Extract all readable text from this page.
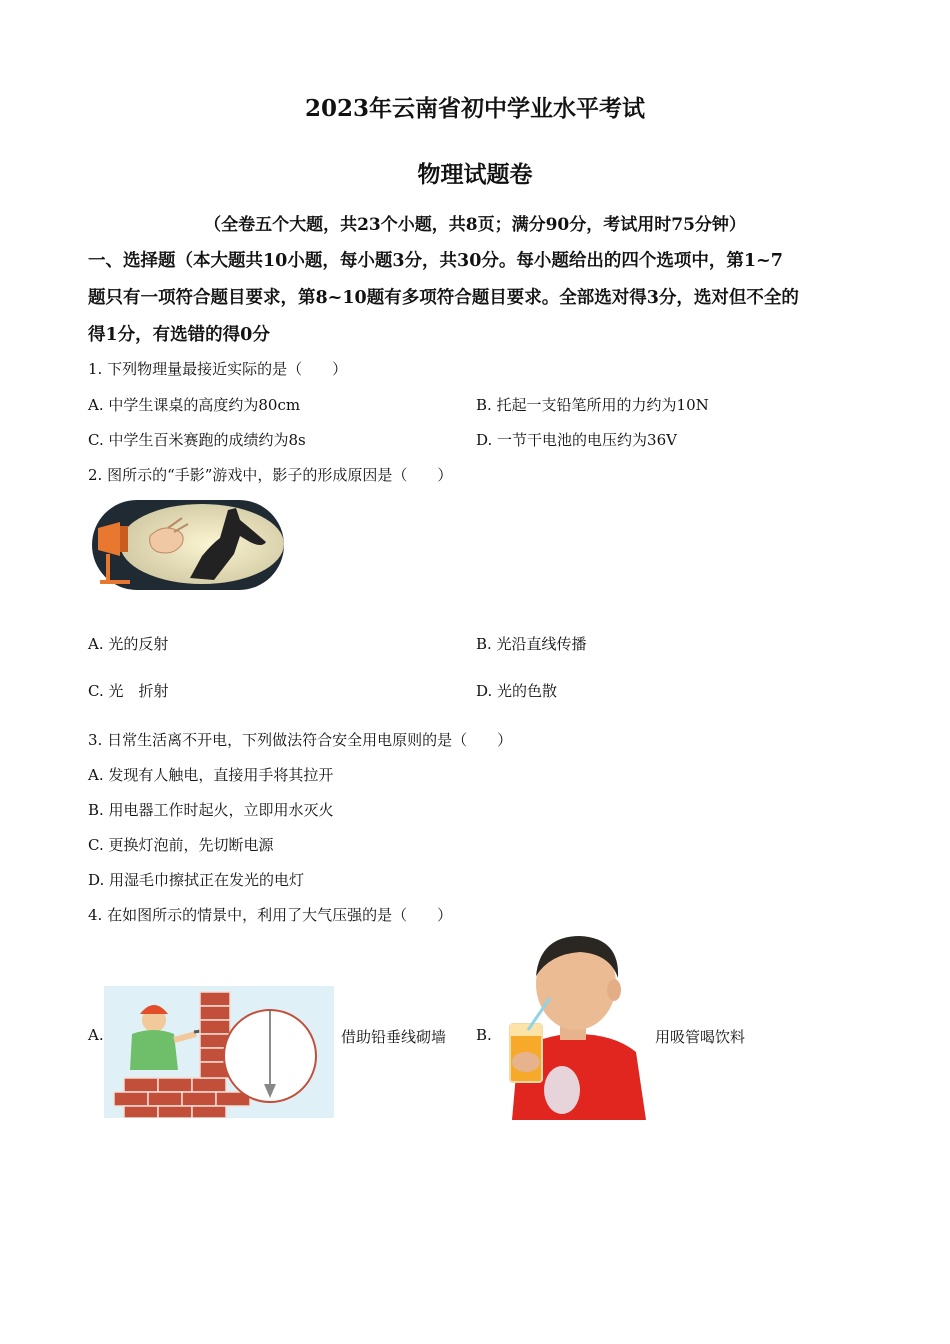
2023年云南省初中学业水平考试
物理试题卷
（全卷五个大题，共23个小题，共8页；满分90分，考试用时75分钟）
一、选择题（本大题共10小题，每小题3分，共30分。每小题给出的四个选项中，第1~7
题只有一项符合题目要求，第8~10题有多项符合题目要求。全部选对得3分，选对但不全的
得1分，有选错的得0分
1. 下列物理量最接近实际的是（　　）
A. 中学生课桌的高度约为80cm	B. 托起一支铅笔所用的力约为10N
C. 中学生百米赛跑的成绩约为8s	D. 一节干电池的电压约为36V
2. 图所示的“手影”游戏中，影子的形成原因是（　　）
A. 光的反射	B. 光沿直线传播
C. 光　折射	D. 光的色散
3. 日常生活离不开电，下列做法符合安全用电原则的是（　　）
A. 发现有人触电，直接用手将其拉开
B. 用电器工作时起火，立即用水灭火
C. 更换灯泡前，先切断电源
D. 用湿毛巾擦拭正在发光的电灯
4. 在如图所示的情景中，利用了大气压强的是（　　）
A.	借助铅垂线砌墙 B.	用吸管喝饮料
